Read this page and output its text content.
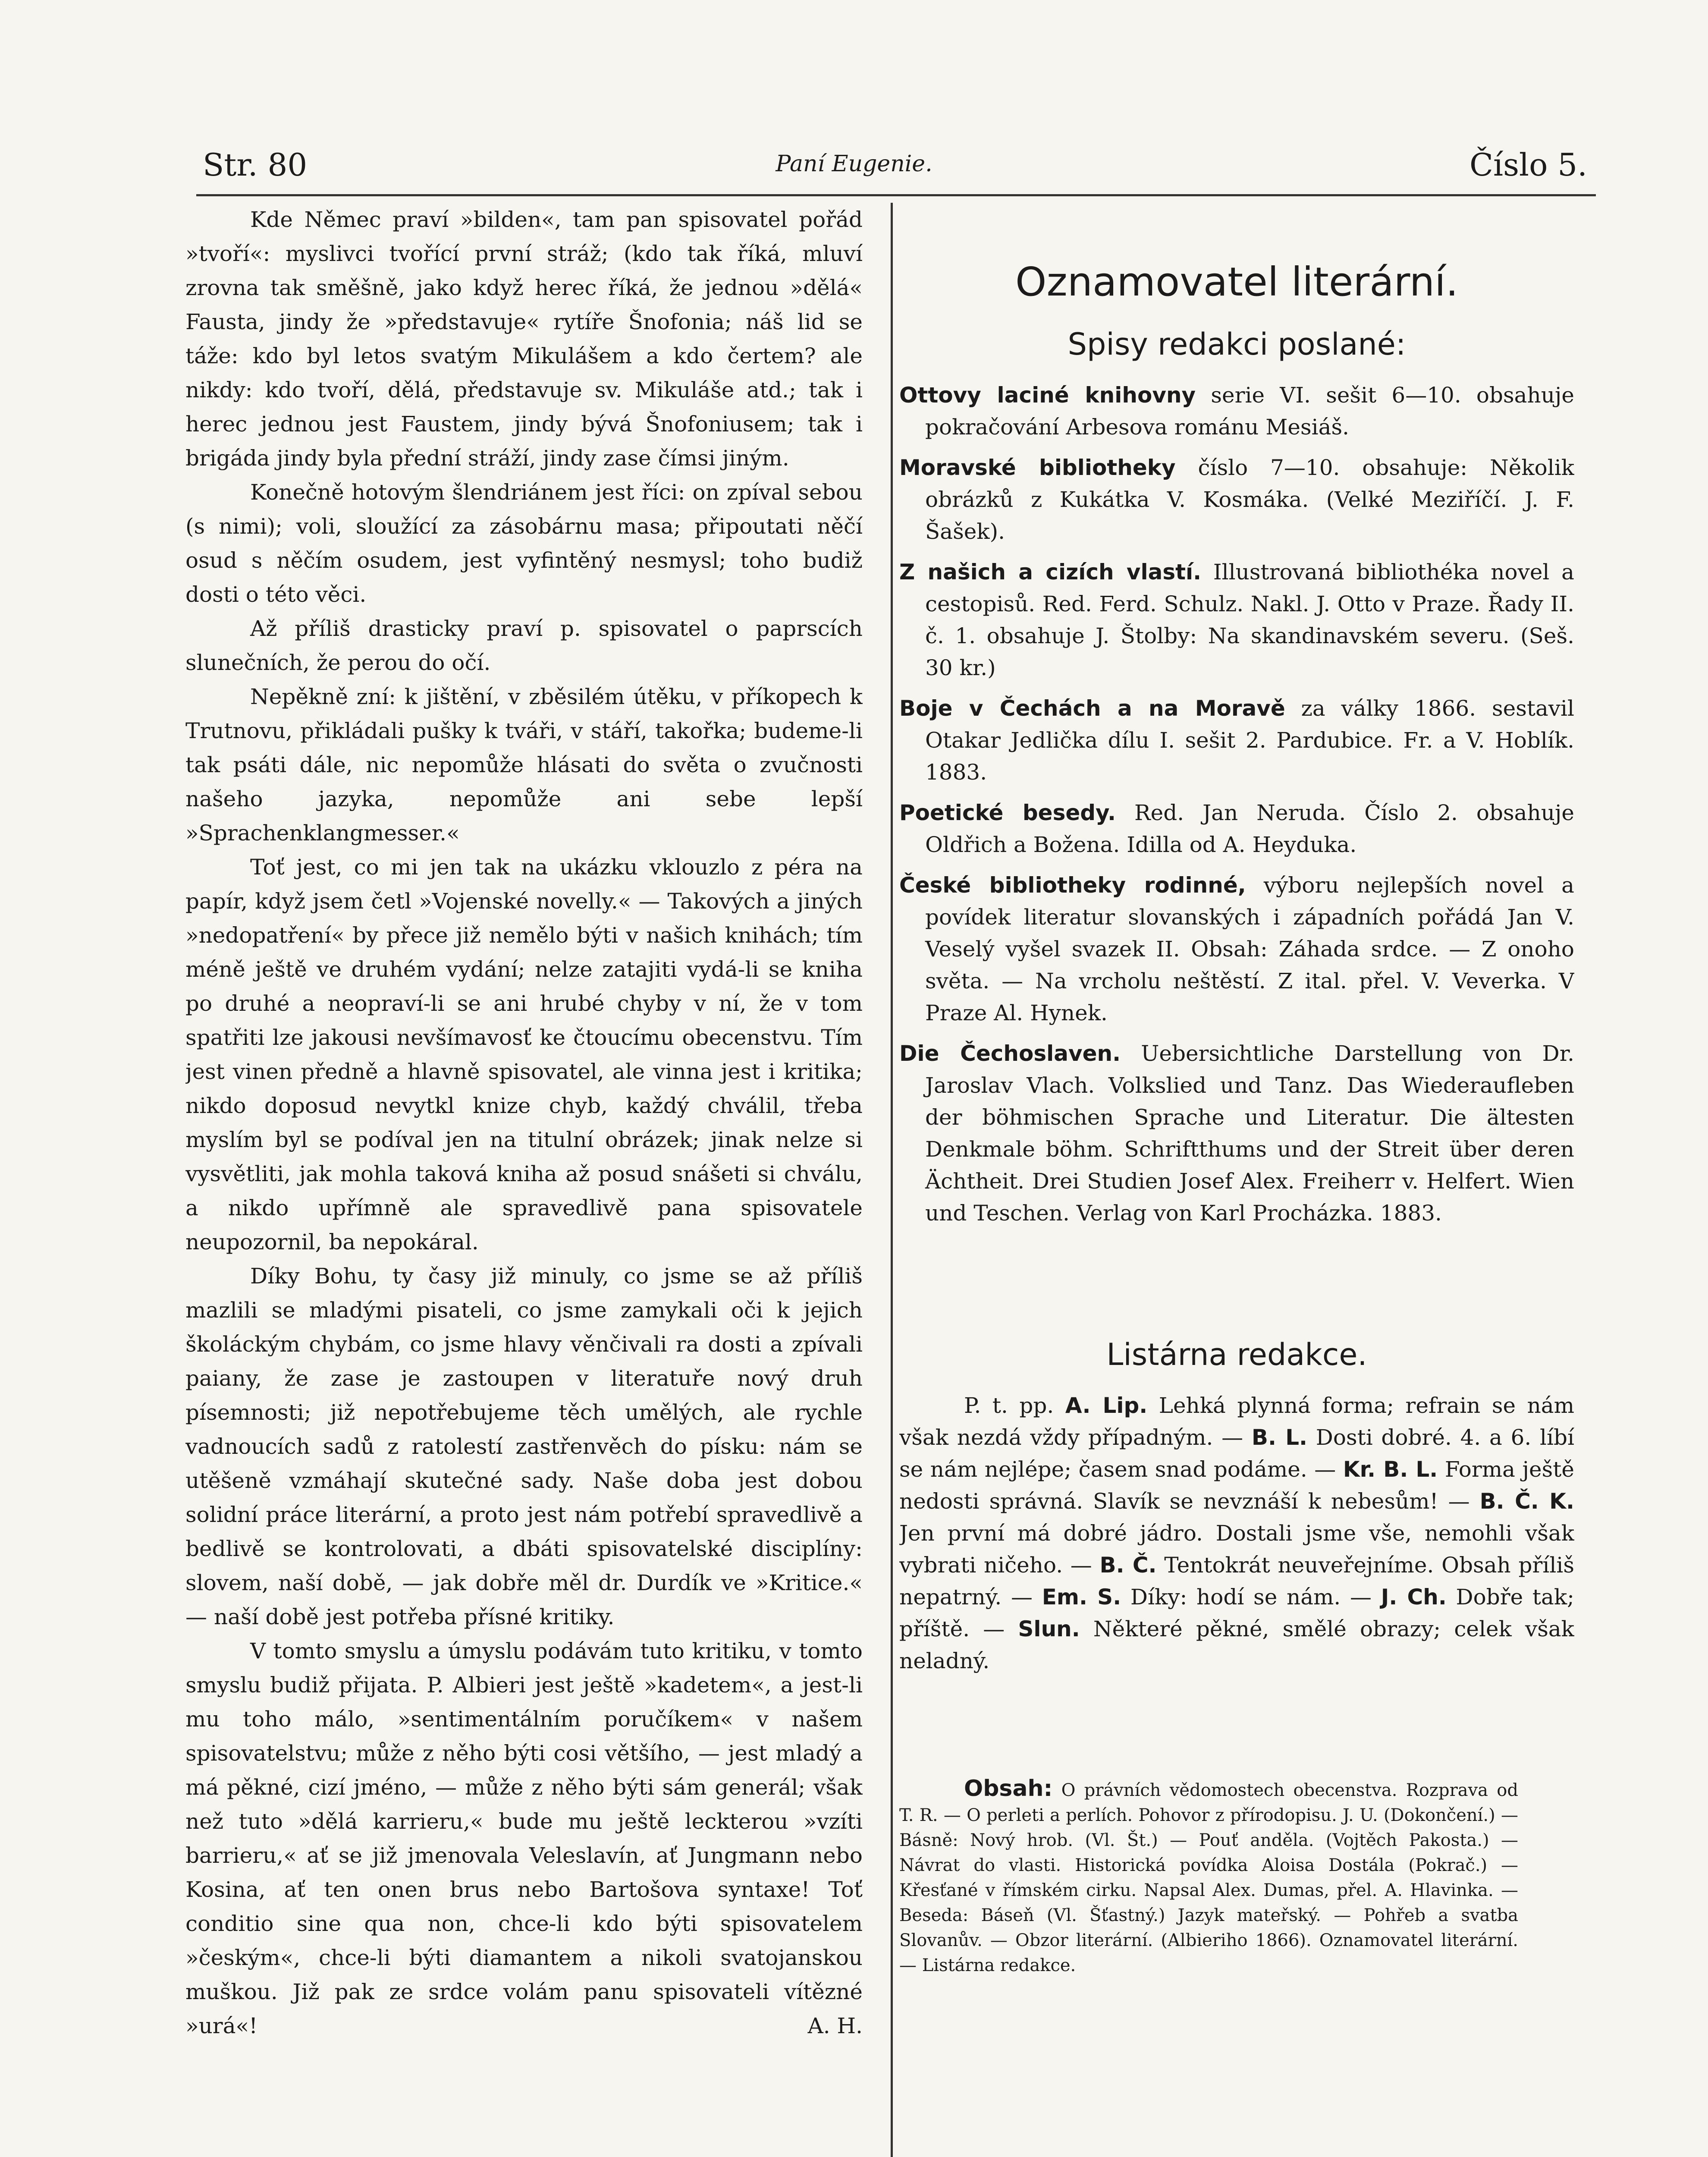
Str. 80	Paní Eugenie.	Číslo 5.

Kde Němec praví »bilden«, tam pan spisovatel pořád »tvoří«: myslivci tvořící první stráž; (kdo tak říká, mluví zrovna tak směšně, jako když herec říká, že jednou »dělá« Fausta, jindy že »představuje« rytíře Šnofonia; náš lid se táže: kdo byl letos svatým Mikulášem a kdo čertem? ale nikdy: kdo tvoří, dělá, představuje sv. Mikuláše atd.; tak i herec jednou jest Faustem, jindy bývá Šnofoniusem; tak i brigáda jindy byla přední stráží, jindy zase čímsi jiným.

Konečně hotovým šlendriánem jest říci: on zpíval sebou (s nimi); voli, sloužící za zásobárnu masa; připoutati něčí osud s něčím osudem, jest vyfintěný nesmysl; toho budiž dosti o této věci.

Až příliš drasticky praví p. spisovatel o paprscích slunečních, že perou do očí.

Nepěkně zní: k jištění, v zběsilém útěku, v příkopech k Trutnovu, přikládali pušky k tváři, v stáří, takořka; budeme-li tak psáti dále, nic nepomůže hlásati do světa o zvučnosti našeho jazyka, nepomůže ani sebe lepší »Sprachenklangmesser.«

Toť jest, co mi jen tak na ukázku vklouzlo z péra na papír, když jsem četl »Vojenské novelly.« — Takových a jiných »nedopatření« by přece již nemělo býti v našich knihách; tím méně ještě ve druhém vydání; nelze zatajiti vydá-li se kniha po druhé a neopraví-li se ani hrubé chyby v ní, že v tom spatřiti lze jakousi nevšímavosť ke čtoucímu obecenstvu. Tím jest vinen předně a hlavně spisovatel, ale vinna jest i kritika; nikdo doposud nevytkl knize chyb, každý chválil, třeba myslím byl se podíval jen na titulní obrázek; jinak nelze si vysvětliti, jak mohla taková kniha až posud snášeti si chválu, a nikdo upřímně ale spravedlivě pana spisovatele neupozornil, ba nepokáral.

Díky Bohu, ty časy již minuly, co jsme se až příliš mazlili se mladými pisateli, co jsme zamykali oči k jejich školáckým chybám, co jsme hlavy věnčivali ra dosti a zpívali paiany, že zase je zastoupen v literatuře nový druh písemnosti; již nepotřebujeme těch umělých, ale rychle vadnoucích sadů z ratolestí zastřenvěch do písku: nám se utěšeně vzmáhají skutečné sady. Naše doba jest dobou solidní práce literární, a proto jest nám potřebí spravedlivě a bedlivě se kontrolovati, a dbáti spisovatelské disciplíny: slovem, naší době, — jak dobře měl dr. Durdík ve »Kritice.« — naší době jest potřeba přísné kritiky.

V tomto smyslu a úmyslu podávám tuto kritiku, v tomto smyslu budiž přijata. P. Albieri jest ještě »kadetem«, a jest-li mu toho málo, »sentimentálním poručíkem« v našem spisovatelstvu; může z něho býti cosi většího, — jest mladý a má pěkné, cizí jméno, — může z něho býti sám generál; však než tuto »dělá karrieru,« bude mu ještě leckterou »vzíti barrieru,« ať se již jmenovala Veleslavín, ať Jungmann nebo Kosina, ať ten onen brus nebo Bartošova syntaxe! Toť conditio sine qua non, chce-li kdo býti spisovatelem »českým«, chce-li býti diamantem a nikoli svatojanskou muškou. Již pak ze srdce volám panu spisovateli vítězné »urá«!	A. H.

Oznamovatel literární.
Spisy redakci poslané:
Ottovy laciné knihovny serie VI. sešit 6—10. obsahuje pokračování Arbesova románu Mesiáš.
Moravské bibliotheky číslo 7—10. obsahuje: Několik obrázků z Kukátka V. Kosmáka. (Velké Meziříčí. J. F. Šašek).
Z našich a cizích vlastí. Illustrovaná bibliothéka novel a cestopisů. Red. Ferd. Schulz. Nakl. J. Otto v Praze. Řady II. č. 1. obsahuje J. Štolby: Na skandinavském severu. (Seš. 30 kr.)
Boje v Čechách a na Moravě za války 1866. sestavil Otakar Jedlička dílu I. sešit 2. Pardubice. Fr. a V. Hoblík. 1883.
Poetické besedy. Red. Jan Neruda. Číslo 2. obsahuje Oldřich a Božena. Idilla od A. Heyduka.
České bibliotheky rodinné, výboru nejlepších novel a povídek literatur slovanských i západních pořádá Jan V. Veselý vyšel svazek II. Obsah: Záhada srdce. — Z onoho světa. — Na vrcholu neštěstí. Z ital. přel. V. Veverka. V Praze Al. Hynek.
Die Čechoslaven. Uebersichtliche Darstellung von Dr. Jaroslav Vlach. Volkslied und Tanz. Das Wiederaufleben der böhmischen Sprache und Literatur. Die ältesten Denkmale böhm. Schriftthums und der Streit über deren Ächtheit. Drei Studien Josef Alex. Freiherr v. Helfert. Wien und Teschen. Verlag von Karl Procházka. 1883.
Listárna redakce.

P. t. pp. A. Lip. Lehká plynná forma; refrain se nám však nezdá vždy případným. — B. L. Dosti dobré. 4. a 6. líbí se nám nejlépe; časem snad podáme. — Kr. B. L. Forma ještě nedosti správná. Slavík se nevznáší k nebesům! — B. Č. K. Jen první má dobré jádro. Dostali jsme vše, nemohli však vybrati ničeho. — B. Č. Tentokrát neuveřejníme. Obsah příliš nepatrný. — Em. S. Díky: hodí se nám. — J. Ch. Dobře tak; příště. — Slun. Některé pěkné, smělé obrazy; celek však neladný.

Obsah: O právních vědomostech obecenstva. Rozprava od T. R. — O perleti a perlích. Pohovor z přírodopisu. J. U. (Dokončení.) — Básně: Nový hrob. (Vl. Št.) — Pouť anděla. (Vojtěch Pakosta.) — Návrat do vlasti. Historická povídka Aloisa Dostála (Pokrač.) — Křesťané v římském cirku. Napsal Alex. Dumas, přel. A. Hlavinka. — Beseda: Báseň (Vl. Šťastný.) Jazyk mateřský. — Pohřeb a svatba Slovanův. — Obzor literární. (Albieriho 1866). Oznamovatel literární. — Listárna redakce.
